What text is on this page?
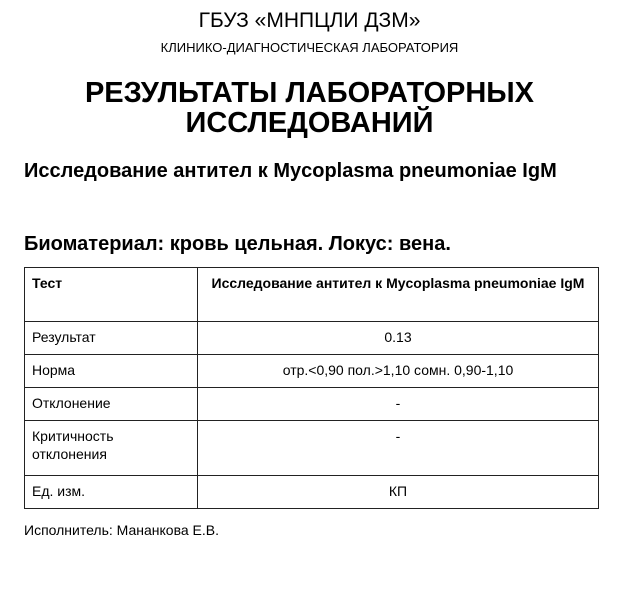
ГБУЗ «МНПЦЛИ ДЗМ»
КЛИНИКО-ДИАГНОСТИЧЕСКАЯ ЛАБОРАТОРИЯ
РЕЗУЛЬТАТЫ ЛАБОРАТОРНЫХ
ИССЛЕДОВАНИЙ
Исследование антител к Mycoplasma pneumoniae IgM
Биоматериал: кровь цельная. Локус: вена.
Тест	Исследование антител к Mycoplasma pneumoniae IgM
Результат	0.13
Норма	отр.<0,90 пол.>1,10 сомн. 0,90-1,10
Отклонение	-
Критичность отклонения	-
Ед. изм.	КП
Исполнитель: Мананкова Е.В.
